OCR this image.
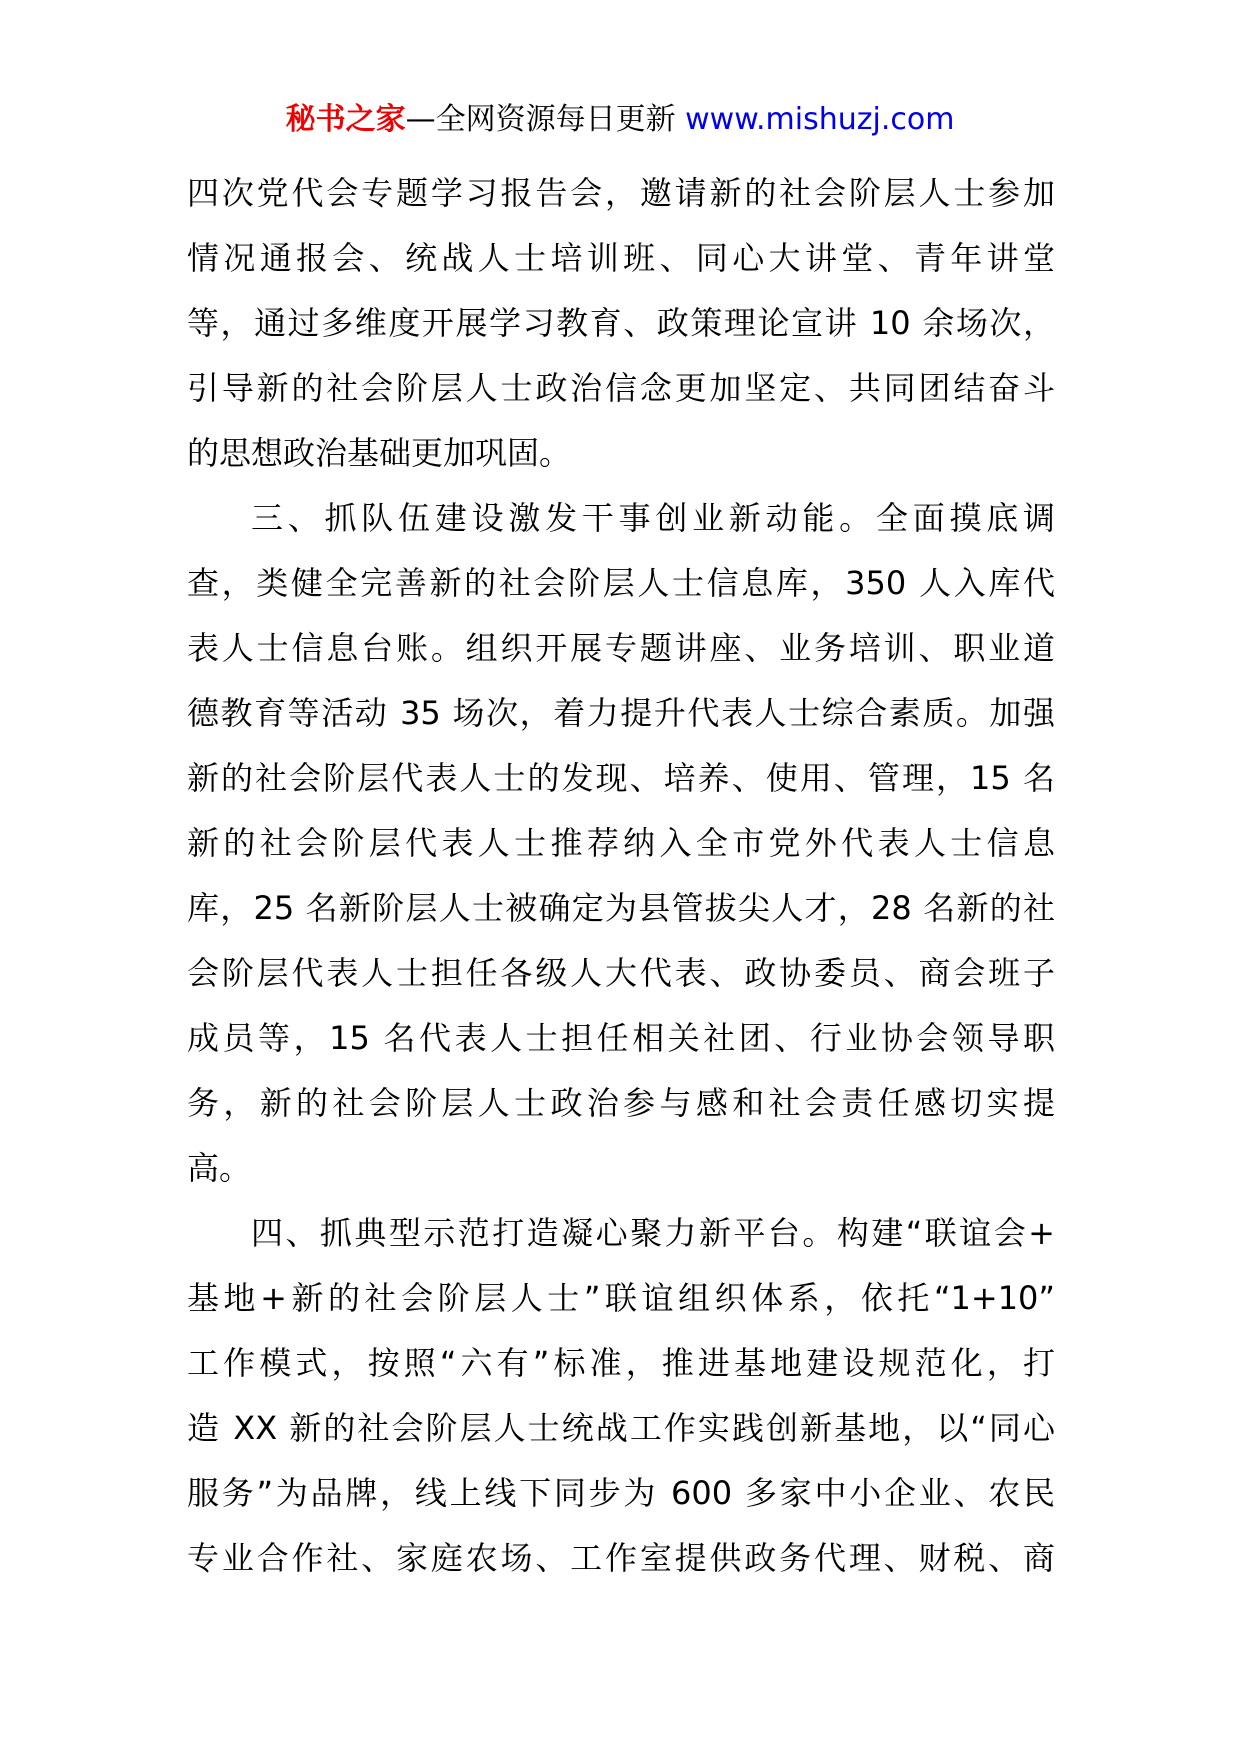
秘书之家—全网资源每日更新 www.mishuzj.com
四次党代会专题学习报告会，邀请新的社会阶层人士参加
情况通报会、统战人士培训班、同心大讲堂、青年讲堂
等，通过多维度开展学习教育、政策理论宣讲 10 余场次，
引导新的社会阶层人士政治信念更加坚定、共同团结奋斗
的思想政治基础更加巩固。
三、抓队伍建设激发干事创业新动能。全面摸底调
查，类健全完善新的社会阶层人士信息库，350 人入库代
表人士信息台账。组织开展专题讲座、业务培训、职业道
德教育等活动 35 场次，着力提升代表人士综合素质。加强
新的社会阶层代表人士的发现、培养、使用、管理，15 名
新的社会阶层代表人士推荐纳入全市党外代表人士信息
库，25 名新阶层人士被确定为县管拔尖人才，28 名新的社
会阶层代表人士担任各级人大代表、政协委员、商会班子
成员等，15 名代表人士担任相关社团、行业协会领导职
务，新的社会阶层人士政治参与感和社会责任感切实提
高。
四、抓典型示范打造凝心聚力新平台。构建“联谊会+
基地+新的社会阶层人士”联谊组织体系，依托“1+10”
工作模式，按照“六有”标准，推进基地建设规范化，打
造 XX 新的社会阶层人士统战工作实践创新基地，以“同心
服务”为品牌，线上线下同步为 600 多家中小企业、农民
专业合作社、家庭农场、工作室提供政务代理、财税、商
